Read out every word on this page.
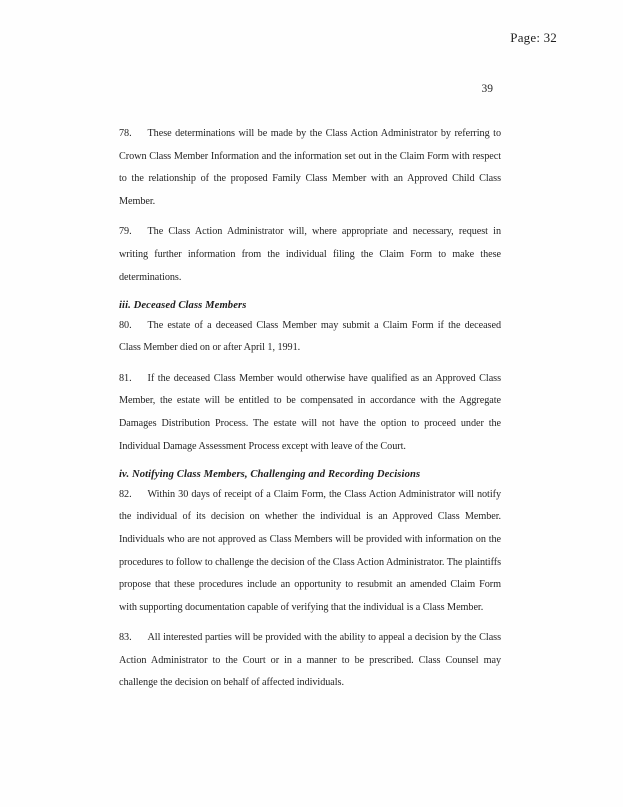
Page: 32
39

78. These determinations will be made by the Class Action Administrator by referring to Crown Class Member Information and the information set out in the Claim Form with respect to the relationship of the proposed Family Class Member with an Approved Child Class Member.

79. The Class Action Administrator will, where appropriate and necessary, request in writing further information from the individual filing the Claim Form to make these determinations.

iii. Deceased Class Members

80. The estate of a deceased Class Member may submit a Claim Form if the deceased Class Member died on or after April 1, 1991.

81. If the deceased Class Member would otherwise have qualified as an Approved Class Member, the estate will be entitled to be compensated in accordance with the Aggregate Damages Distribution Process. The estate will not have the option to proceed under the Individual Damage Assessment Process except with leave of the Court.

iv. Notifying Class Members, Challenging and Recording Decisions

82. Within 30 days of receipt of a Claim Form, the Class Action Administrator will notify the individual of its decision on whether the individual is an Approved Class Member. Individuals who are not approved as Class Members will be provided with information on the procedures to follow to challenge the decision of the Class Action Administrator. The plaintiffs propose that these procedures include an opportunity to resubmit an amended Claim Form with supporting documentation capable of verifying that the individual is a Class Member.

83. All interested parties will be provided with the ability to appeal a decision by the Class Action Administrator to the Court or in a manner to be prescribed. Class Counsel may challenge the decision on behalf of affected individuals.
